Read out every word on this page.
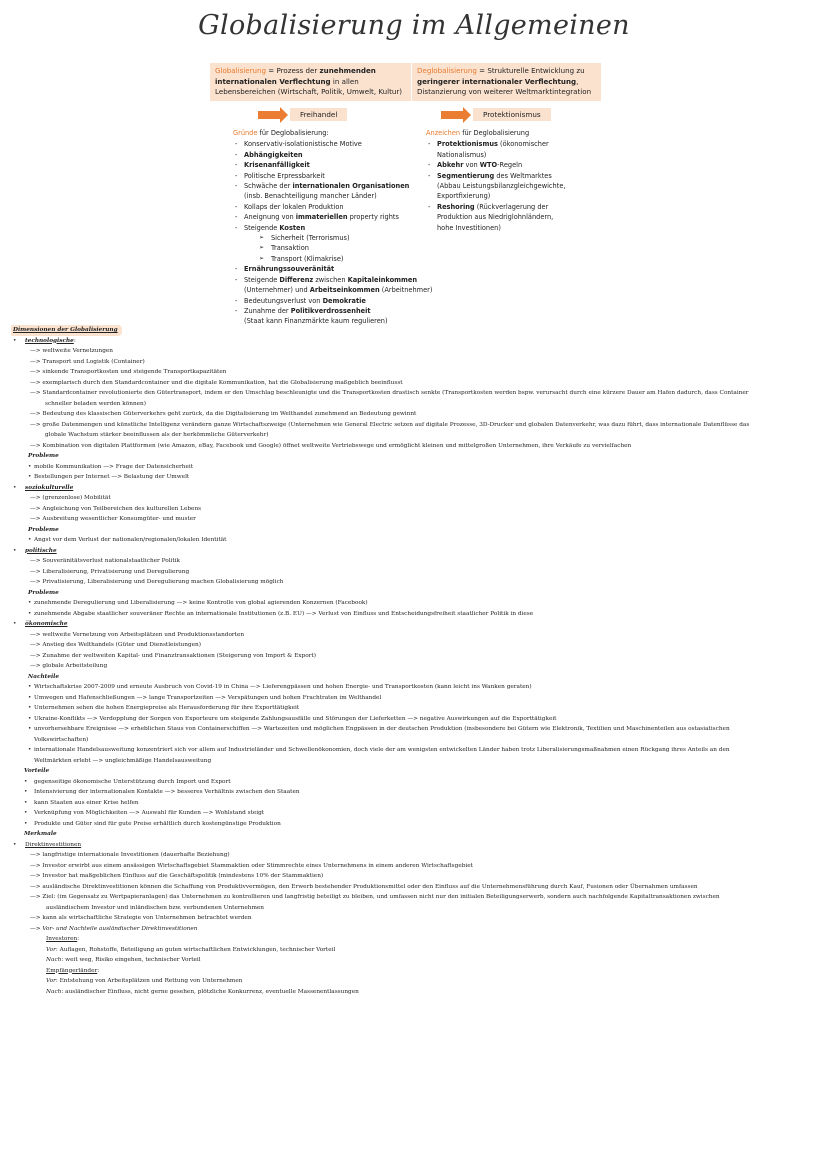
Globalisierung im Allgemeinen
Globalisierung = Prozess der zunehmenden
internationalen Verflechtung in allen
Lebensbereichen (Wirtschaft, Politik, Umwelt, Kultur)
Deglobalisierung = Strukturelle Entwicklung zu
geringerer internationaler Verflechtung,
Distanzierung von weiterer Weltmarktintegration
Freihandel	Protektionismus
Gründe für Deglobalisierung:
- Konservativ-isolationistische Motive
- Abhängigkeiten
- Krisenanfälligkeit
- Politische Erpressbarkeit
- Schwäche der internationalen Organisationen
(insb. Benachteiligung mancher Länder)
- Kollaps der lokalen Produktion
- Aneignung von immateriellen property rights
- Steigende Kosten
➢ Sicherheit (Terrorismus)
➢ Transaktion
➢ Transport (Klimakrise)
- Ernährungssouveränität
- Steigende Differenz zwischen Kapitaleinkommen
(Unternehmer) und Arbeitseinkommen (Arbeitnehmer)
- Bedeutungsverlust von Demokratie
- Zunahme der Politikverdrossenheit
(Staat kann Finanzmärkte kaum regulieren)
Anzeichen für Deglobalisierung
- Protektionismus (ökonomischer
Nationalismus)
- Abkehr von WTO-Regeln
- Segmentierung des Weltmarktes
(Abbau Leistungsbilanzgleichgewichte,
Exportfixierung)
- Reshoring (Rückverlagerung der
Produktion aus Niedriglohnländern,
hohe Investitionen)
Dimensionen der Globalisierung
• technologische:
—> weltweite Vernetzungen
—> Transport und Logistik (Container)
—> sinkende Transportkosten und steigende Transportkapazitäten
—> exemplarisch durch den Standardcontainer und die digitale Kommunikation, hat die Globalisierung maßgeblich beeinflusst
—> Standardcontainer revolutionierte den Gütertransport, indem er den Umschlag beschleunigte und die Transportkosten drastisch senkte (Transportkosten werden bspw. verursacht durch eine kürzere Dauer am Hafen dadurch, dass Container
schneller beladen werden können)
—> Bedeutung des klassischen Güterverkehrs geht zurück, da die Digitalisierung im Welthandel zunehmend an Bedeutung gewinnt
—> große Datenmengen und künstliche Intelligenz verändern ganze Wirtschaftszweige (Unternehmen wie General Electric setzen auf digitale Prozesse, 3D-Drucker und globalen Datenverkehr, was dazu führt, dass internationale Datenflüsse das
globale Wachstum stärker beeinflussen als der herkömmliche Güterverkehr)
—> Kombination von digitalen Plattformen (wie Amazon, eBay, Facebook und Google) öffnet weltweite Vertriebswege und ermöglicht kleinen und mittelgroßen Unternehmen, ihre Verkäufe zu vervielfachen
Probleme
• mobile Kommunikation —> Frage der Datensicherheit
• Bestellungen per Internet —> Belastung der Umwelt
• soziokulturelle
—> (grenzenlose) Mobilität
—> Angleichung von Teilbereichen des kulturellen Lebens
—> Ausbreitung wesentlicher Konsumgüter- und muster
Probleme
• Angst vor dem Verlust der nationalen/regionalen/lokalen Identität
• politische
—> Souveränitätsverlust nationalstaatlicher Politik
—> Liberalisierung, Privatisierung und Deregulierung
—> Privatisierung, Liberalisierung und Deregulierung machen Globalisierung möglich
Probleme
• zunehmende Deregulierung und Liberalisierung —> keine Kontrolle von global agierenden Konzernen (Facebook)
• zunehmende Abgabe staatlicher souveräner Rechte an internationale Institutionen (z.B. EU) —> Verlust von Einfluss und Entscheidungsfreiheit staatlicher Politik in diese
• ökonomische
—> weltweite Vernetzung von Arbeitsplätzen und Produktionsstandorten
—> Anstieg des Welthandels (Güter und Dienstleistungen)
—> Zunahme der weltweiten Kapital- und Finanztransaktionen (Steigerung von Import & Export)
—> globale Arbeitsteilung
Nachteile
• Wirtschaftskrise 2007-2009 und erneute Ausbruch von Covid-19 in China —> Lieferengpässen und hohen Energie- und Transportkosten (kann leicht ins Wanken geraten)
• Umwegen und Hafenschließungen —> lange Transportzeiten —> Verspätungen und hohen Frachtraten im Welthandel
• Unternehmen sehen die hohen Energiepreise als Herausforderung für ihre Exporttätigkeit
• Ukraine-Konflikts —> Verdopplung der Sorgen von Exporteure um steigende Zahlungsausfälle und Störungen der Lieferketten —> negative Auswirkungen auf die Exporttätigkeit
• unvorhersehbare Ereignisse —> erheblichen Staus von Containerschiffen —> Wartezeiten und möglichen Engpässen in der deutschen Produktion (insbesondere bei Gütern wie Elektronik, Textilien und Maschinenteilen aus ostasiatischen
Volkswirtschaften)
• internationale Handelsausweitung konzentriert sich vor allem auf Industrieländer und Schwellenökonomien, doch viele der am wenigsten entwickelten Länder haben trotz Liberalisierungsmaßnahmen einen Rückgang ihres Anteils an den
Weltmärkten erlebt —> ungleichmäßige Handelsausweitung
Vorteile
• gegenseitige ökonomische Unterstützung durch Import und Export
• Intensivierung der internationalen Kontakte —> besseres Verhältnis zwischen den Staaten
• kann Staaten aus einer Krise helfen
• Verknüpfung von Möglichkeiten —> Auswahl für Kunden —> Wohlstand steigt
• Produkte und Güter sind für gute Preise erhältlich durch kostengünstige Produktion
Merkmale
• Direktinvestitionen
—> langfristige internationale Investitionen (dauerhafte Beziehung)
—> Investor erwirbt aus einem ansässigen Wirtschaftsgebiet Stammaktien oder Stimmrechte eines Unternehmens in einem anderen Wirtschaftsgebiet
—> Investor hat maßgeblichen Einfluss auf die Geschäftspolitik (mindestens 10% der Stammaktien)
—> ausländische Direktinvestitionen können die Schaffung von Produktivvermögen, den Erwerb bestehender Produktionsmittel oder den Einfluss auf die Unternehmensführung durch Kauf, Fusionen oder Übernahmen umfassen
—> Ziel: (im Gegensatz zu Wertpapieranlagen) das Unternehmen zu kontrollieren und langfristig beteiligt zu bleiben, und umfassen nicht nur den initialen Beteiligungserwerb, sondern auch nachfolgende Kapitaltransaktionen zwischen
ausländischem Investor und inländischen bzw. verbundenen Unternehmen
—> kann als wirtschaftliche Strategie von Unternehmen betrachtet werden
—> Vor- und Nachteile ausländischer Direktinvestitionen
Investoren:
Vor: Auflagen, Rohstoffe, Beteiligung an guten wirtschaftlichen Entwicklungen, technischer Vorteil
Nach: weit weg, Risiko eingehen, technischer Vorteil
Empfängerländer:
Vor: Entstehung von Arbeitsplätzen und Rettung von Unternehmen
Nach: ausländischer Einfluss, nicht gerne gesehen, plötzliche Konkurrenz, eventuelle Massenentlassungen
